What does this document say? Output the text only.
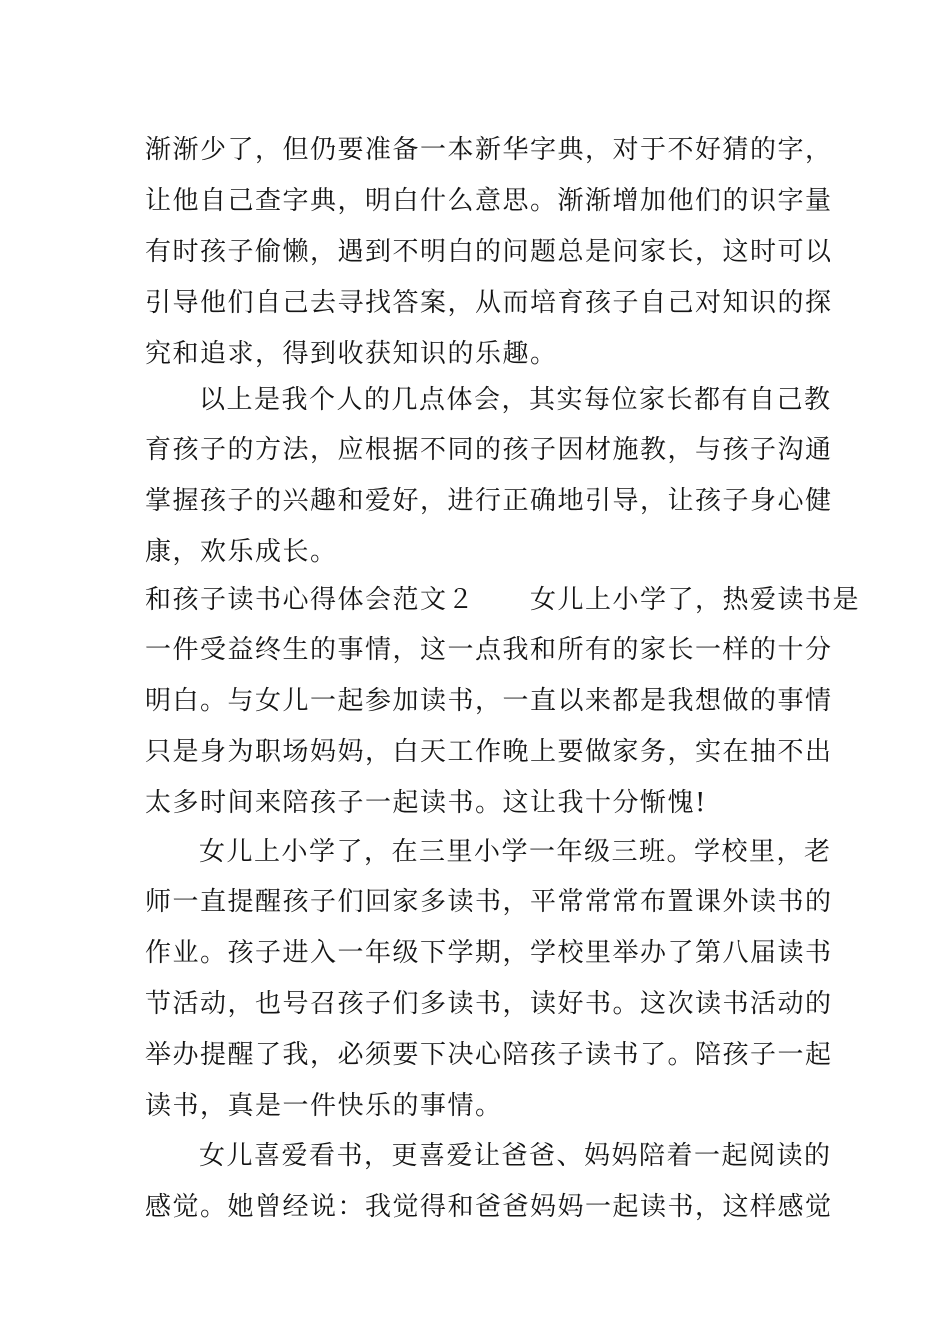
渐渐少了，但仍要准备一本新华字典，对于不好猜的字，
让他自己查字典，明白什么意思。渐渐增加他们的识字量
有时孩子偷懒，遇到不明白的问题总是问家长，这时可以
引导他们自己去寻找答案，从而培育孩子自己对知识的探
究和追求，得到收获知识的乐趣。
以上是我个人的几点体会，其实每位家长都有自己教
育孩子的方法，应根据不同的孩子因材施教，与孩子沟通
掌握孩子的兴趣和爱好，进行正确地引导，让孩子身心健
康，欢乐成长。
和孩子读书心得体会范文２　　女儿上小学了，热爱读书是
一件受益终生的事情，这一点我和所有的家长一样的十分
明白。与女儿一起参加读书，一直以来都是我想做的事情
只是身为职场妈妈，白天工作晚上要做家务，实在抽不出
太多时间来陪孩子一起读书。这让我十分惭愧!
女儿上小学了，在三里小学一年级三班。学校里，老
师一直提醒孩子们回家多读书，平常常常布置课外读书的
作业。孩子进入一年级下学期，学校里举办了第八届读书
节活动，也号召孩子们多读书，读好书。这次读书活动的
举办提醒了我，必须要下决心陪孩子读书了。陪孩子一起
读书，真是一件快乐的事情。
女儿喜爱看书，更喜爱让爸爸、妈妈陪着一起阅读的
感觉。她曾经说：我觉得和爸爸妈妈一起读书，这样感觉
